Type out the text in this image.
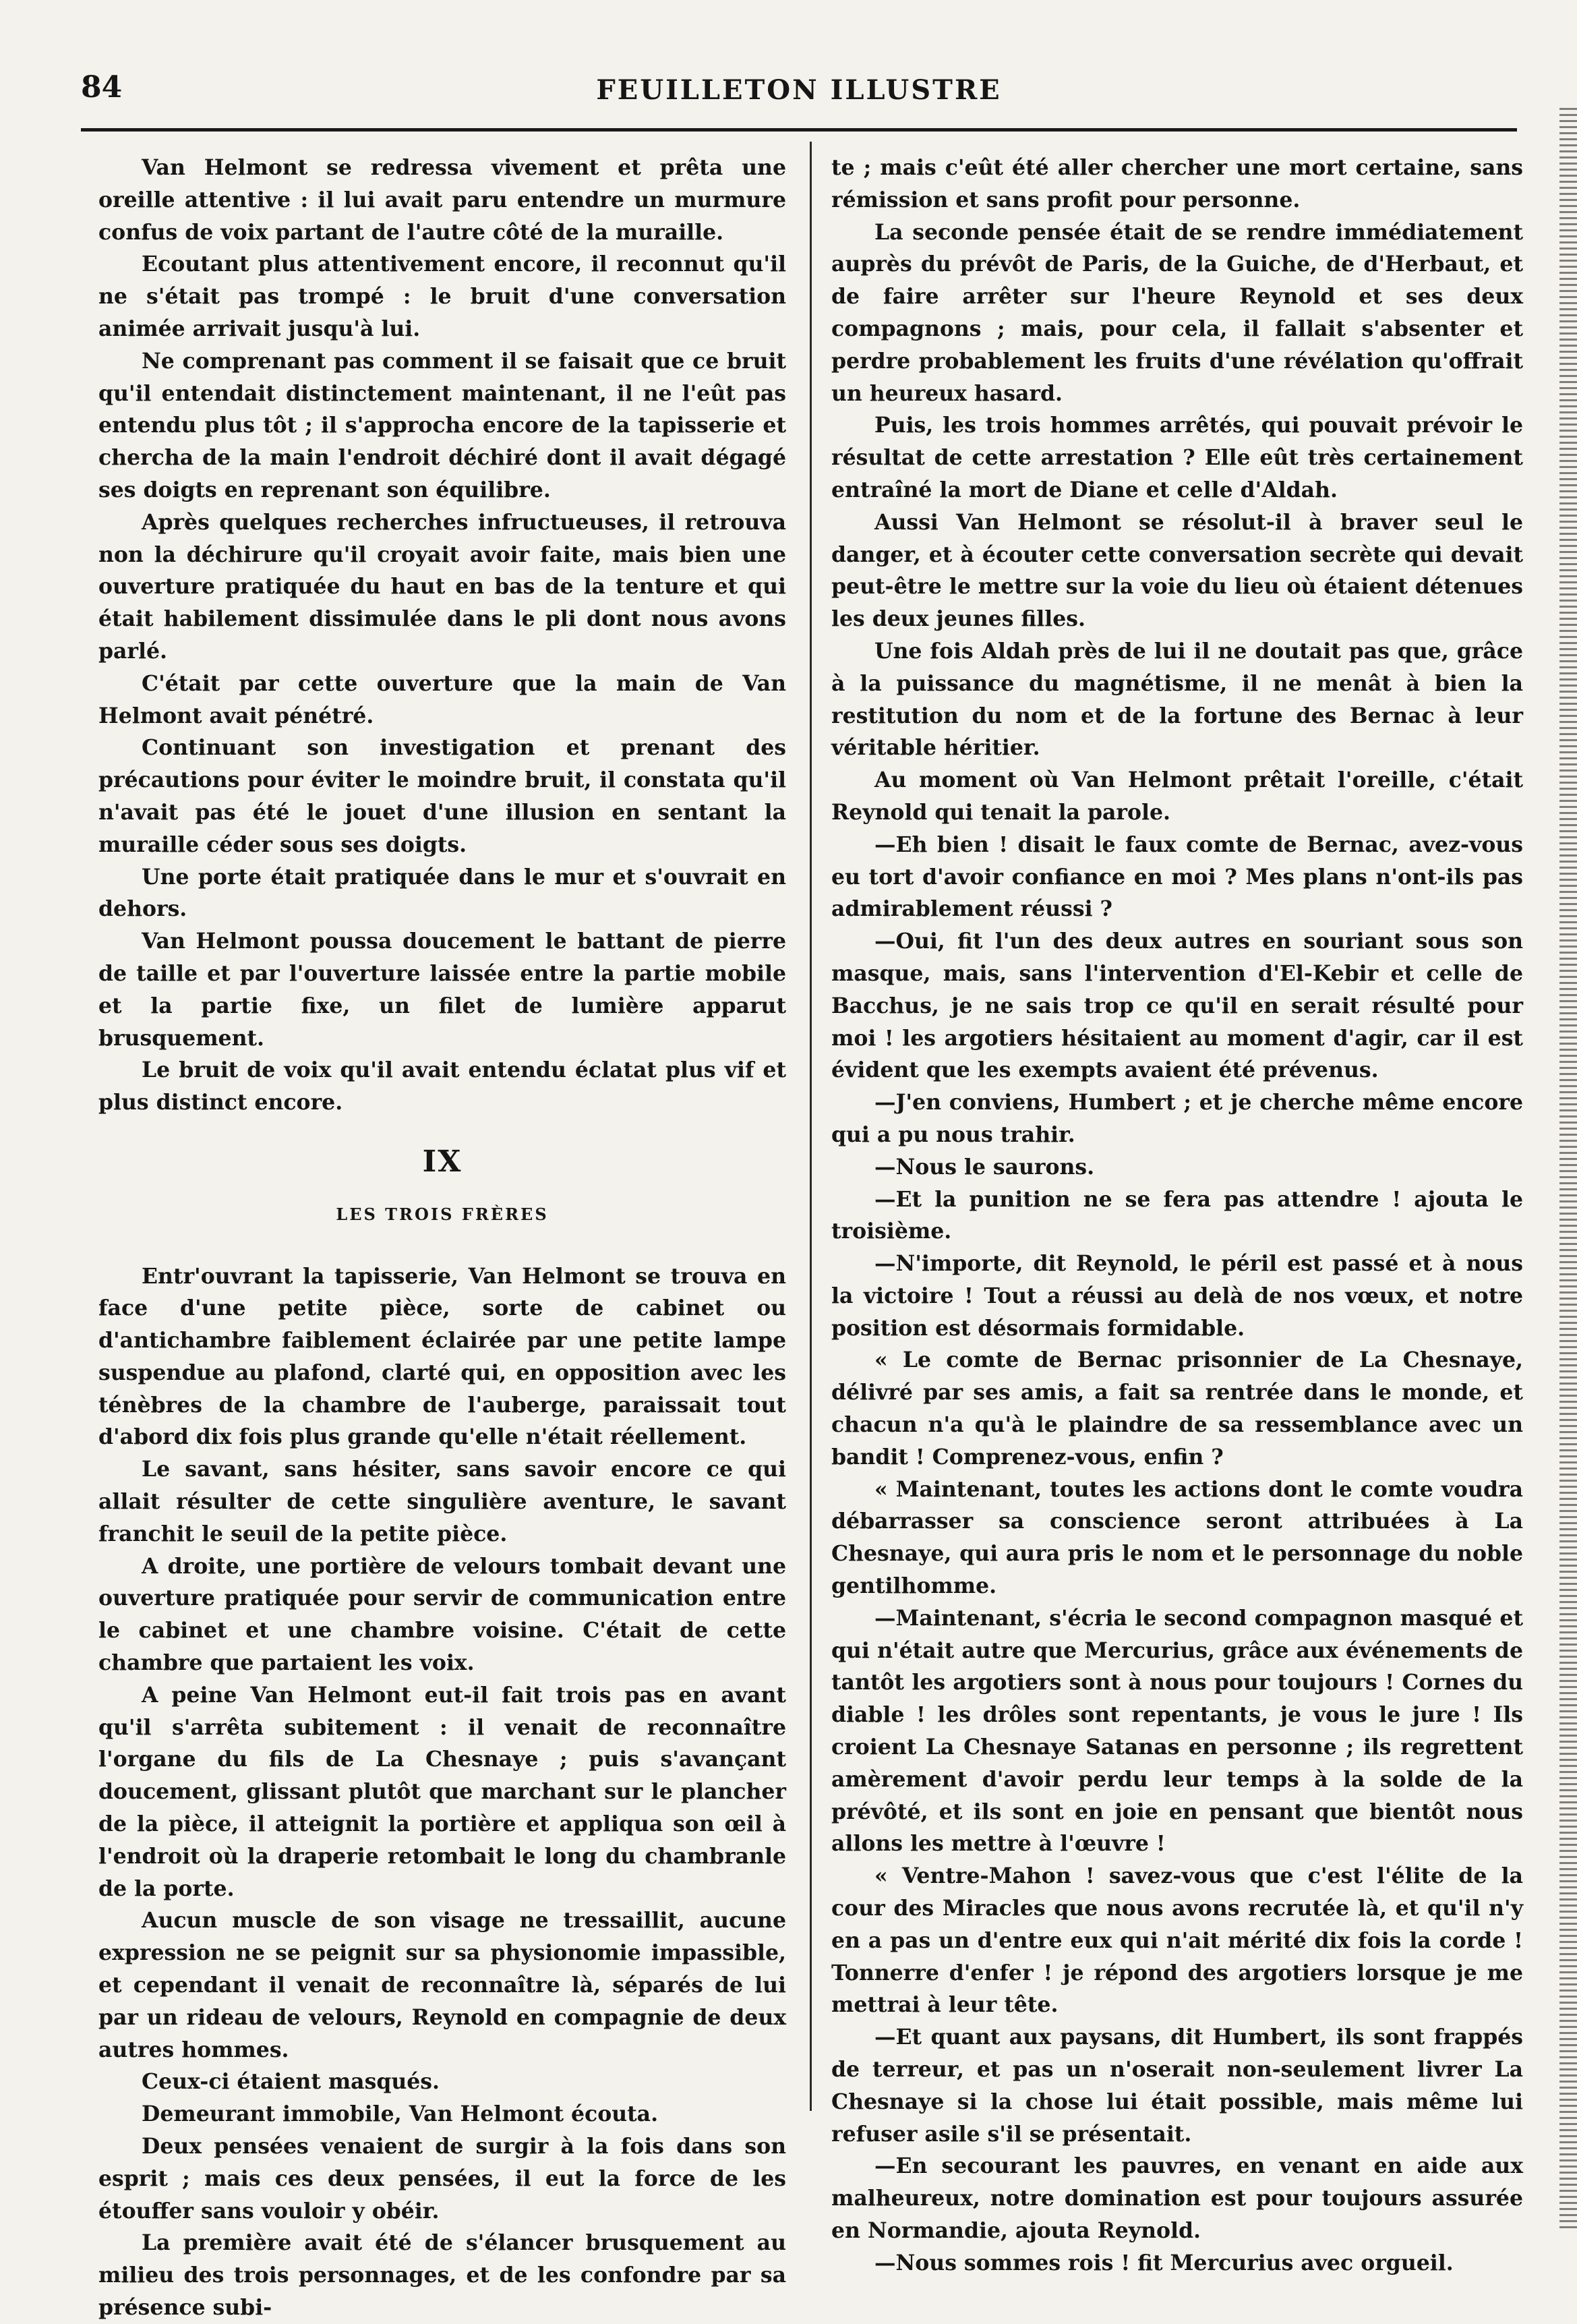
84	FEUILLETON ILLUSTRE

Van Helmont se redressa vivement et prêta une oreille attentive : il lui avait paru entendre un murmure confus de voix partant de l'autre côté de la muraille.

Ecoutant plus attentivement encore, il reconnut qu'il ne s'était pas trompé : le bruit d'une conversation animée arrivait jusqu'à lui.

Ne comprenant pas comment il se faisait que ce bruit qu'il entendait distinctement maintenant, il ne l'eût pas entendu plus tôt ; il s'approcha encore de la tapisserie et chercha de la main l'endroit déchiré dont il avait dégagé ses doigts en reprenant son équilibre.

Après quelques recherches infructueuses, il retrouva non la déchirure qu'il croyait avoir faite, mais bien une ouverture pratiquée du haut en bas de la tenture et qui était habilement dissimulée dans le pli dont nous avons parlé.

C'était par cette ouverture que la main de Van Helmont avait pénétré.

Continuant son investigation et prenant des précautions pour éviter le moindre bruit, il constata qu'il n'avait pas été le jouet d'une illusion en sentant la muraille céder sous ses doigts.

Une porte était pratiquée dans le mur et s'ouvrait en dehors.

Van Helmont poussa doucement le battant de pierre de taille et par l'ouverture laissée entre la partie mobile et la partie fixe, un filet de lumière apparut brusquement.

Le bruit de voix qu'il avait entendu éclatat plus vif et plus distinct encore.

IX
LES TROIS FRÈRES

Entr'ouvrant la tapisserie, Van Helmont se trouva en face d'une petite pièce, sorte de cabinet ou d'antichambre faiblement éclairée par une petite lampe suspendue au plafond, clarté qui, en opposition avec les ténèbres de la chambre de l'auberge, paraissait tout d'abord dix fois plus grande qu'elle n'était réellement.

Le savant, sans hésiter, sans savoir encore ce qui allait résulter de cette singulière aventure, le savant franchit le seuil de la petite pièce.

A droite, une portière de velours tombait devant une ouverture pratiquée pour servir de communication entre le cabinet et une chambre voisine. C'était de cette chambre que partaient les voix.

A peine Van Helmont eut-il fait trois pas en avant qu'il s'arrêta subitement : il venait de reconnaître l'organe du fils de La Chesnaye ; puis s'avançant doucement, glissant plutôt que marchant sur le plancher de la pièce, il atteignit la portière et appliqua son œil à l'endroit où la draperie retombait le long du chambranle de la porte.

Aucun muscle de son visage ne tressaillit, aucune expression ne se peignit sur sa physionomie impassible, et cependant il venait de reconnaître là, séparés de lui par un rideau de velours, Reynold en compagnie de deux autres hommes.

Ceux-ci étaient masqués.

Demeurant immobile, Van Helmont écouta.

Deux pensées venaient de surgir à la fois dans son esprit ; mais ces deux pensées, il eut la force de les étouffer sans vouloir y obéir.

La première avait été de s'élancer brusquement au milieu des trois personnages, et de les confondre par sa présence subi-

te ; mais c'eût été aller chercher une mort certaine, sans rémission et sans profit pour personne.

La seconde pensée était de se rendre immédiatement auprès du prévôt de Paris, de la Guiche, de d'Herbaut, et de faire arrêter sur l'heure Reynold et ses deux compagnons ; mais, pour cela, il fallait s'absenter et perdre probablement les fruits d'une révélation qu'offrait un heureux hasard.

Puis, les trois hommes arrêtés, qui pouvait prévoir le résultat de cette arrestation ? Elle eût très certainement entraîné la mort de Diane et celle d'Aldah.

Aussi Van Helmont se résolut-il à braver seul le danger, et à écouter cette conversation secrète qui devait peut-être le mettre sur la voie du lieu où étaient détenues les deux jeunes filles.

Une fois Aldah près de lui il ne doutait pas que, grâce à la puissance du magnétisme, il ne menât à bien la restitution du nom et de la fortune des Bernac à leur véritable héritier.

Au moment où Van Helmont prêtait l'oreille, c'était Reynold qui tenait la parole.

—Eh bien ! disait le faux comte de Bernac, avez-vous eu tort d'avoir confiance en moi ? Mes plans n'ont-ils pas admirablement réussi ?

—Oui, fit l'un des deux autres en souriant sous son masque, mais, sans l'intervention d'El-Kebir et celle de Bacchus, je ne sais trop ce qu'il en serait résulté pour moi ! les argotiers hésitaient au moment d'agir, car il est évident que les exempts avaient été prévenus.

—J'en conviens, Humbert ; et je cherche même encore qui a pu nous trahir.

—Nous le saurons.

—Et la punition ne se fera pas attendre ! ajouta le troisième.

—N'importe, dit Reynold, le péril est passé et à nous la victoire ! Tout a réussi au delà de nos vœux, et notre position est désormais formidable.

« Le comte de Bernac prisonnier de La Chesnaye, délivré par ses amis, a fait sa rentrée dans le monde, et chacun n'a qu'à le plaindre de sa ressemblance avec un bandit ! Comprenez-vous, enfin ?

« Maintenant, toutes les actions dont le comte voudra débarrasser sa conscience seront attribuées à La Chesnaye, qui aura pris le nom et le personnage du noble gentilhomme.

—Maintenant, s'écria le second compagnon masqué et qui n'était autre que Mercurius, grâce aux événements de tantôt les argotiers sont à nous pour toujours ! Cornes du diable ! les drôles sont repentants, je vous le jure ! Ils croient La Chesnaye Satanas en personne ; ils regrettent amèrement d'avoir perdu leur temps à la solde de la prévôté, et ils sont en joie en pensant que bientôt nous allons les mettre à l'œuvre !

« Ventre-Mahon ! savez-vous que c'est l'élite de la cour des Miracles que nous avons recrutée là, et qu'il n'y en a pas un d'entre eux qui n'ait mérité dix fois la corde ! Tonnerre d'enfer ! je répond des argotiers lorsque je me mettrai à leur tête.

—Et quant aux paysans, dit Humbert, ils sont frappés de terreur, et pas un n'oserait non-seulement livrer La Chesnaye si la chose lui était possible, mais même lui refuser asile s'il se présentait.

—En secourant les pauvres, en venant en aide aux malheureux, notre domination est pour toujours assurée en Normandie, ajouta Reynold.

—Nous sommes rois ! fit Mercurius avec orgueil.
